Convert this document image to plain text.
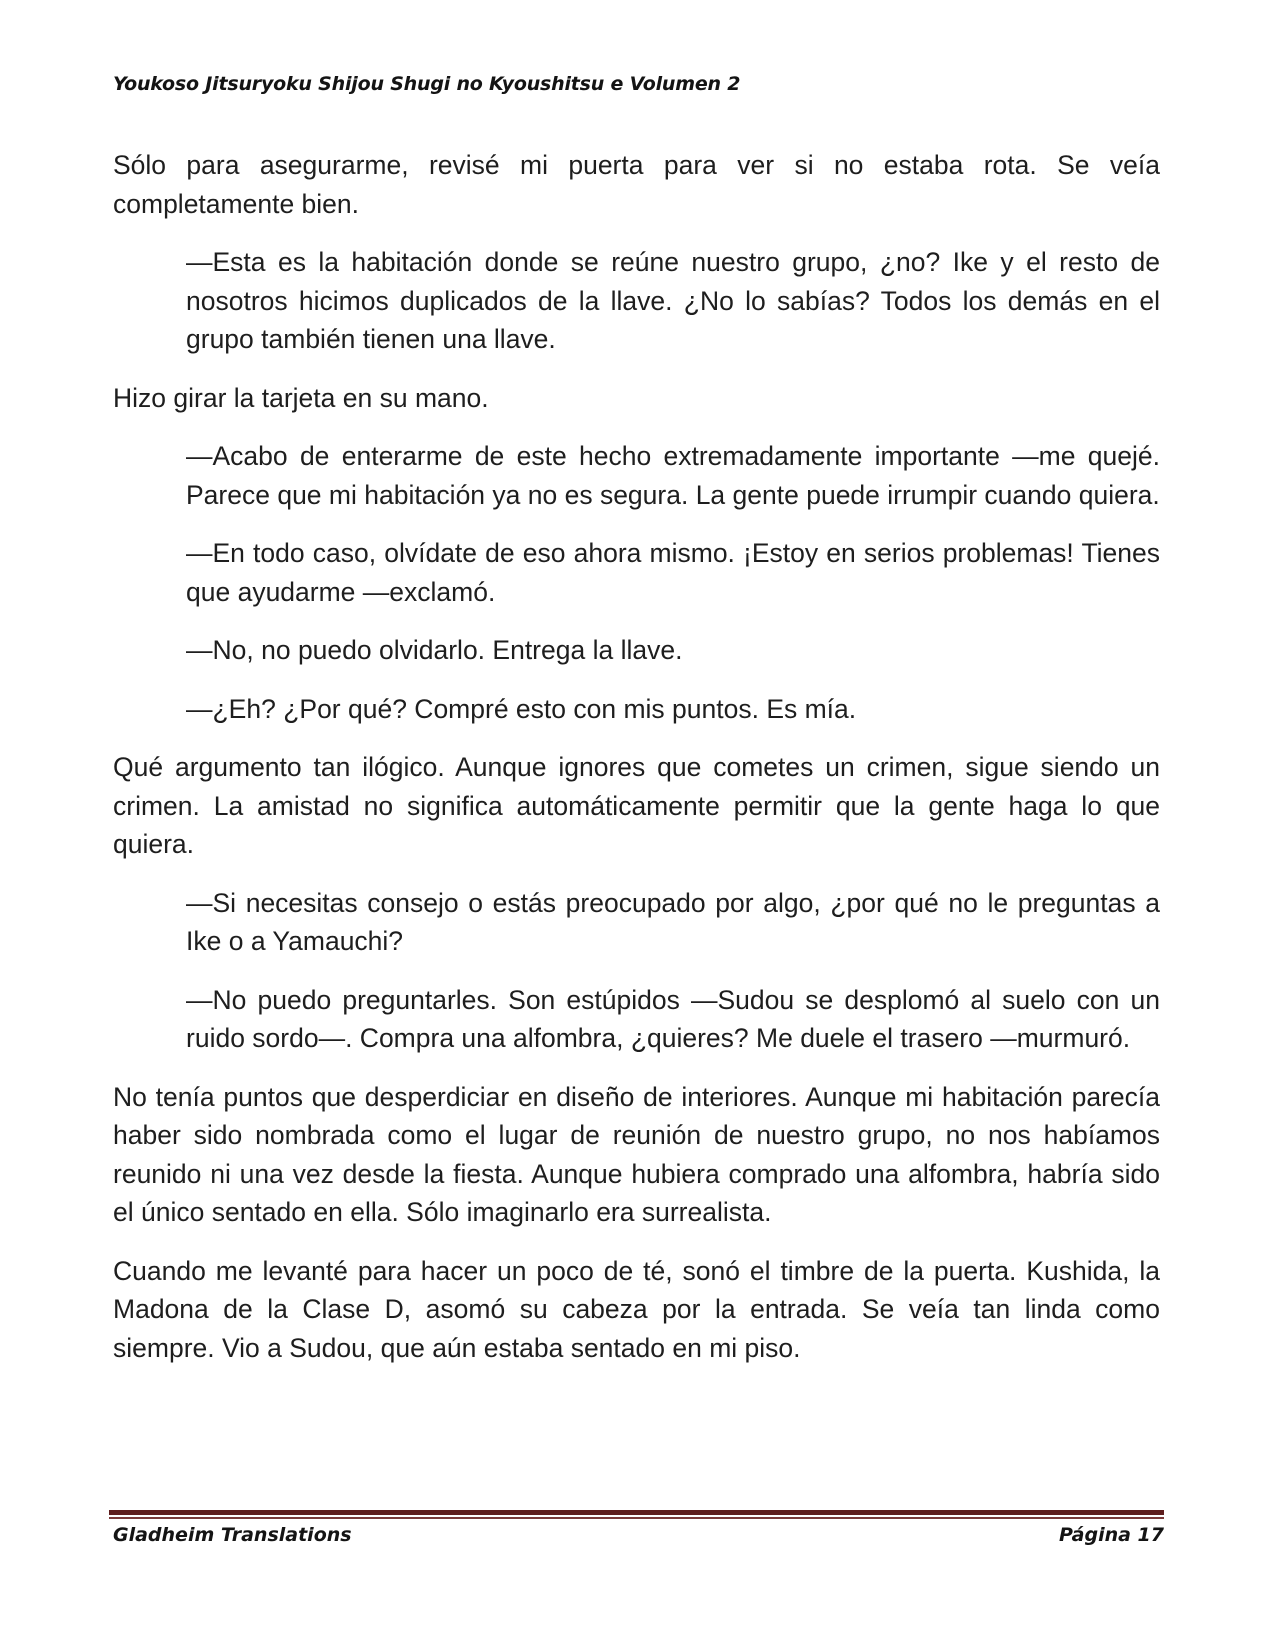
Youkoso Jitsuryoku Shijou Shugi no Kyoushitsu e Volumen 2

Sólo para asegurarme, revisé mi puerta para ver si no estaba rota. Se veía completamente bien.

—Esta es la habitación donde se reúne nuestro grupo, ¿no? Ike y el resto de nosotros hicimos duplicados de la llave. ¿No lo sabías? Todos los demás en el grupo también tienen una llave.

Hizo girar la tarjeta en su mano.

—Acabo de enterarme de este hecho extremadamente importante —me quejé. Parece que mi habitación ya no es segura. La gente puede irrumpir cuando quiera.

—En todo caso, olvídate de eso ahora mismo. ¡Estoy en serios problemas! Tienes que ayudarme —exclamó.

—No, no puedo olvidarlo. Entrega la llave.

—¿Eh? ¿Por qué? Compré esto con mis puntos. Es mía.

Qué argumento tan ilógico. Aunque ignores que cometes un crimen, sigue siendo un crimen. La amistad no significa automáticamente permitir que la gente haga lo que quiera.

—Si necesitas consejo o estás preocupado por algo, ¿por qué no le preguntas a Ike o a Yamauchi?

—No puedo preguntarles. Son estúpidos —Sudou se desplomó al suelo con un ruido sordo—. Compra una alfombra, ¿quieres? Me duele el trasero —murmuró.

No tenía puntos que desperdiciar en diseño de interiores. Aunque mi habitación parecía haber sido nombrada como el lugar de reunión de nuestro grupo, no nos habíamos reunido ni una vez desde la fiesta. Aunque hubiera comprado una alfombra, habría sido el único sentado en ella. Sólo imaginarlo era surrealista.

Cuando me levanté para hacer un poco de té, sonó el timbre de la puerta. Kushida, la Madona de la Clase D, asomó su cabeza por la entrada. Se veía tan linda como siempre. Vio a Sudou, que aún estaba sentado en mi piso.

Gladheim Translations	Página 17
